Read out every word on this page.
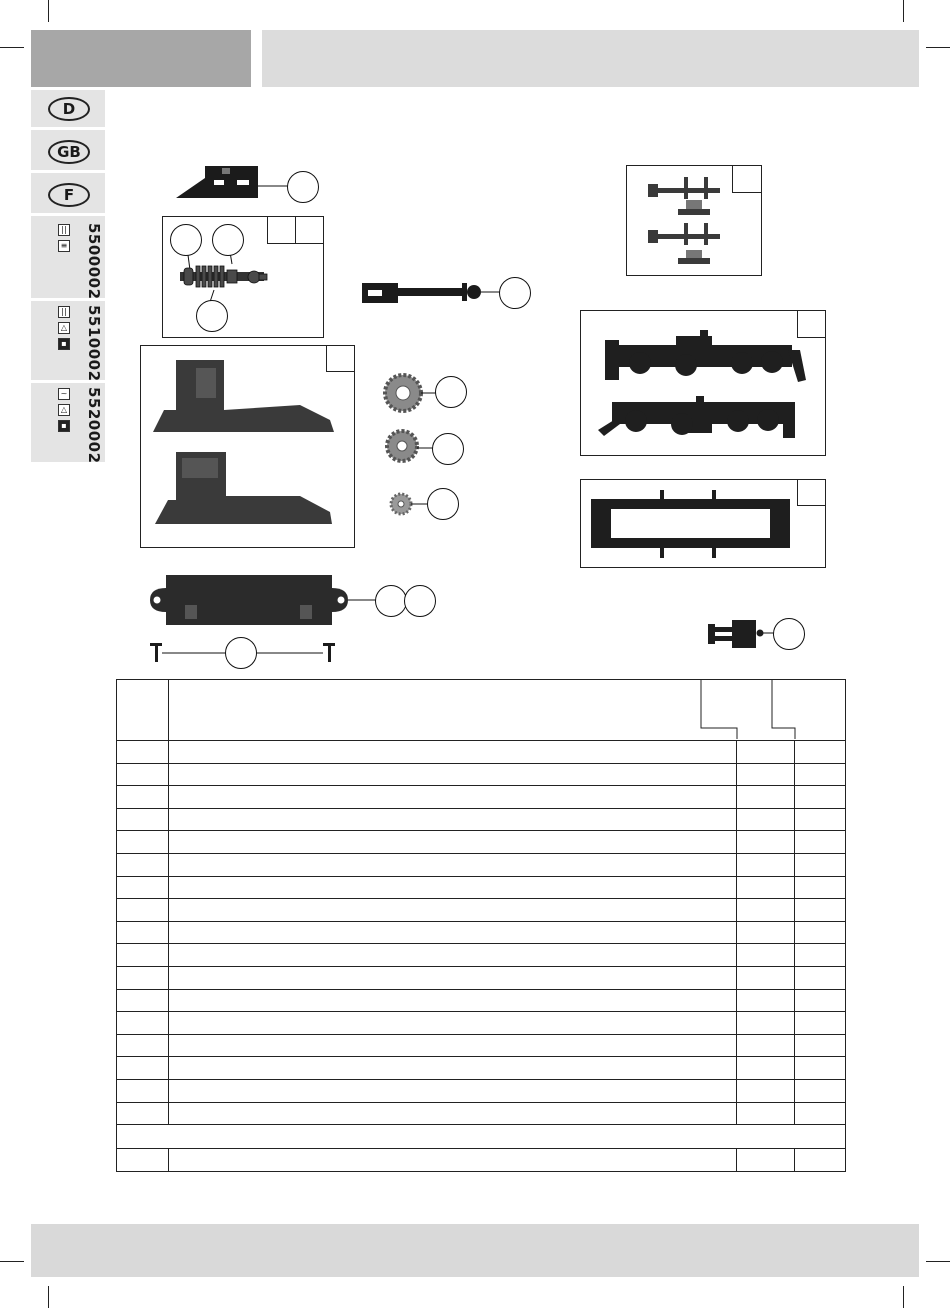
D
GB
F
||
≡ 5500002
||
△
▪ 5510002
~
△
▪ 5520002
